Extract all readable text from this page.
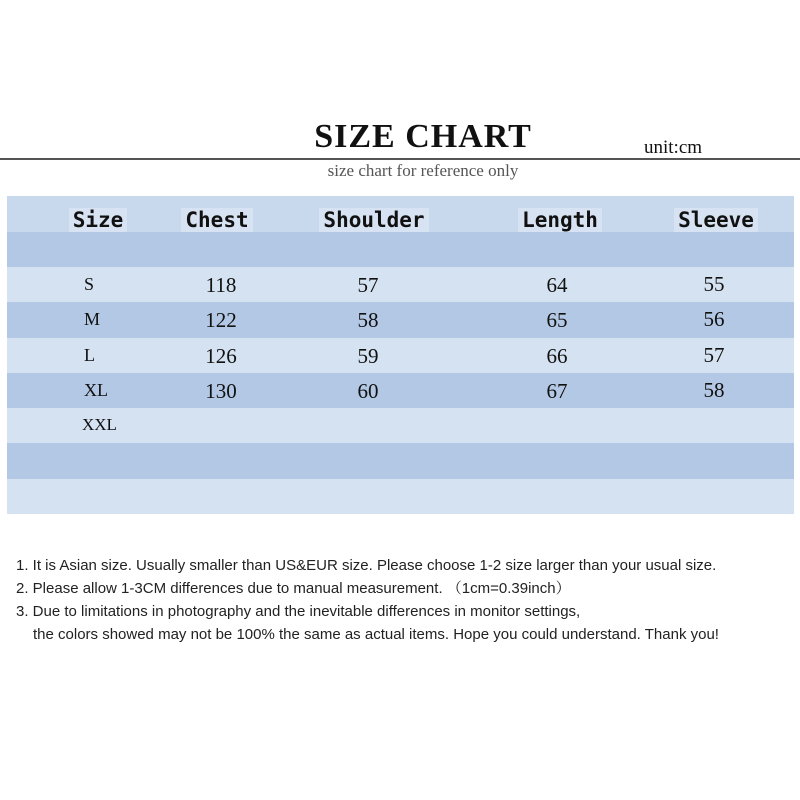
SIZE CHART	unit:cm
size chart for reference only
Size	Chest	Shoulder	Length	Sleeve
S	118	57	64	55
M	122	58	65	56
L	126	59	66	57
XL	130	60	67	58
XXL
1. It is Asian size. Usually smaller than US&EUR size. Please choose 1-2 size larger than your usual size.
2. Please allow 1-3CM differences due to manual measurement. （1cm=0.39inch）
3. Due to limitations in photography and the inevitable differences in monitor settings,
the colors showed may not be 100% the same as actual items. Hope you could understand. Thank you!
